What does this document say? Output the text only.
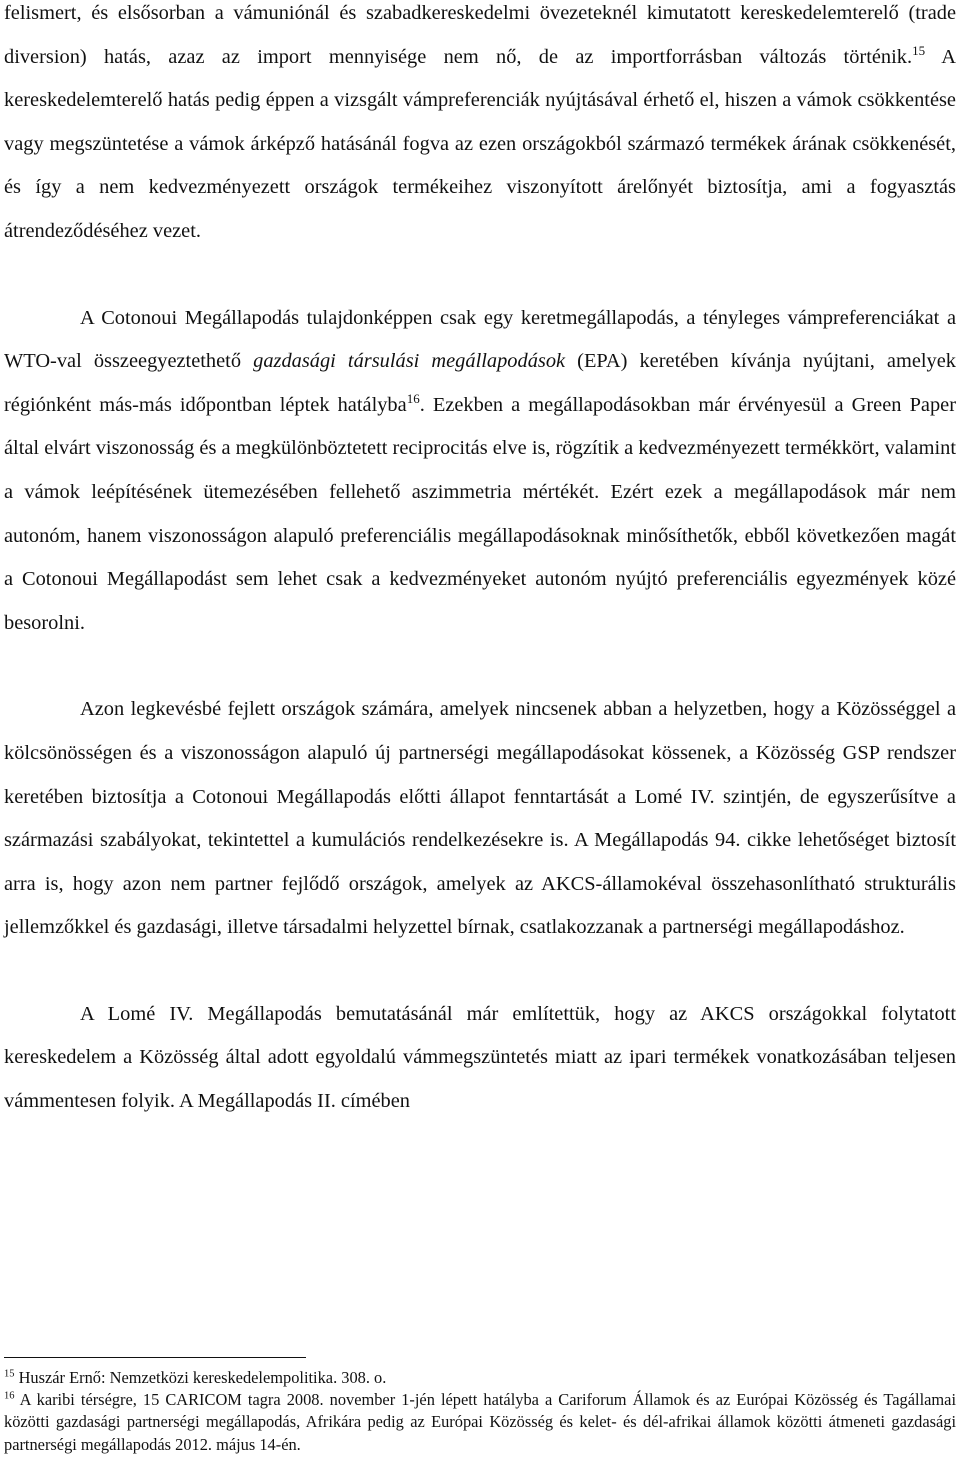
felismert, és elsősorban a vámuniónál és szabadkereskedelmi övezeteknél kimutatott kereskedelemterelő (trade diversion) hatás, azaz az import mennyisége nem nő, de az importforrásban változás történik.$^{15}$ A kereskedelemterelő hatás pedig éppen a vizsgált vámpreferenciák nyújtásával érhető el, hiszen a vámok csökkentése vagy megszüntetése a vámok árképző hatásánál fogva az ezen országokból származó termékek árának csökkenését, és így a nem kedvezményezett országok termékeihez viszonyított árelőnyét biztosítja, ami a fogyasztás átrendeződéséhez vezet.

A Cotonoui Megállapodás tulajdonképpen csak egy keretmegállapodás, a tényleges vámpreferenciákat a WTO-val összeegyeztethető gazdasági társulási megállapodások (EPA) keretében kívánja nyújtani, amelyek régiónként más-más időpontban léptek hatályba$^{16}$. Ezekben a megállapodásokban már érvényesül a Green Paper által elvárt viszonosság és a megkülönböztetett reciprocitás elve is, rögzítik a kedvezményezett termékkört, valamint a vámok leépítésének ütemezésében fellehető aszimmetria mértékét. Ezért ezek a megállapodások már nem autonóm, hanem viszonosságon alapuló preferenciális megállapodásoknak minősíthetők, ebből következően magát a Cotonoui Megállapodást sem lehet csak a kedvezményeket autonóm nyújtó preferenciális egyezmények közé besorolni.

Azon legkevésbé fejlett országok számára, amelyek nincsenek abban a helyzetben, hogy a Közösséggel a kölcsönösségen és a viszonosságon alapuló új partnerségi megállapodásokat kössenek, a Közösség GSP rendszer keretében biztosítja a Cotonoui Megállapodás előtti állapot fenntartását a Lomé IV. szintjén, de egyszerűsítve a származási szabályokat, tekintettel a kumulációs rendelkezésekre is. A Megállapodás 94. cikke lehetőséget biztosít arra is, hogy azon nem partner fejlődő országok, amelyek az AKCS-államokéval összehasonlítható strukturális jellemzőkkel és gazdasági, illetve társadalmi helyzettel bírnak, csatlakozzanak a partnerségi megállapodáshoz.

A Lomé IV. Megállapodás bemutatásánál már említettük, hogy az AKCS országokkal folytatott kereskedelem a Közösség által adott egyoldalú vámmegszüntetés miatt az ipari termékek vonatkozásában teljesen vámmentesen folyik. A Megállapodás II. címében

$^{15}$ Huszár Ernő: Nemzetközi kereskedelempolitika. 308. o.

$^{16}$ A karibi térségre, 15 CARICOM tagra 2008. november 1-jén lépett hatályba a Cariforum Államok és az Európai Közösség és Tagállamai közötti gazdasági partnerségi megállapodás, Afrikára pedig az Európai Közösség és kelet- és dél-afrikai államok közötti átmeneti gazdasági partnerségi megállapodás 2012. május 14-én.
